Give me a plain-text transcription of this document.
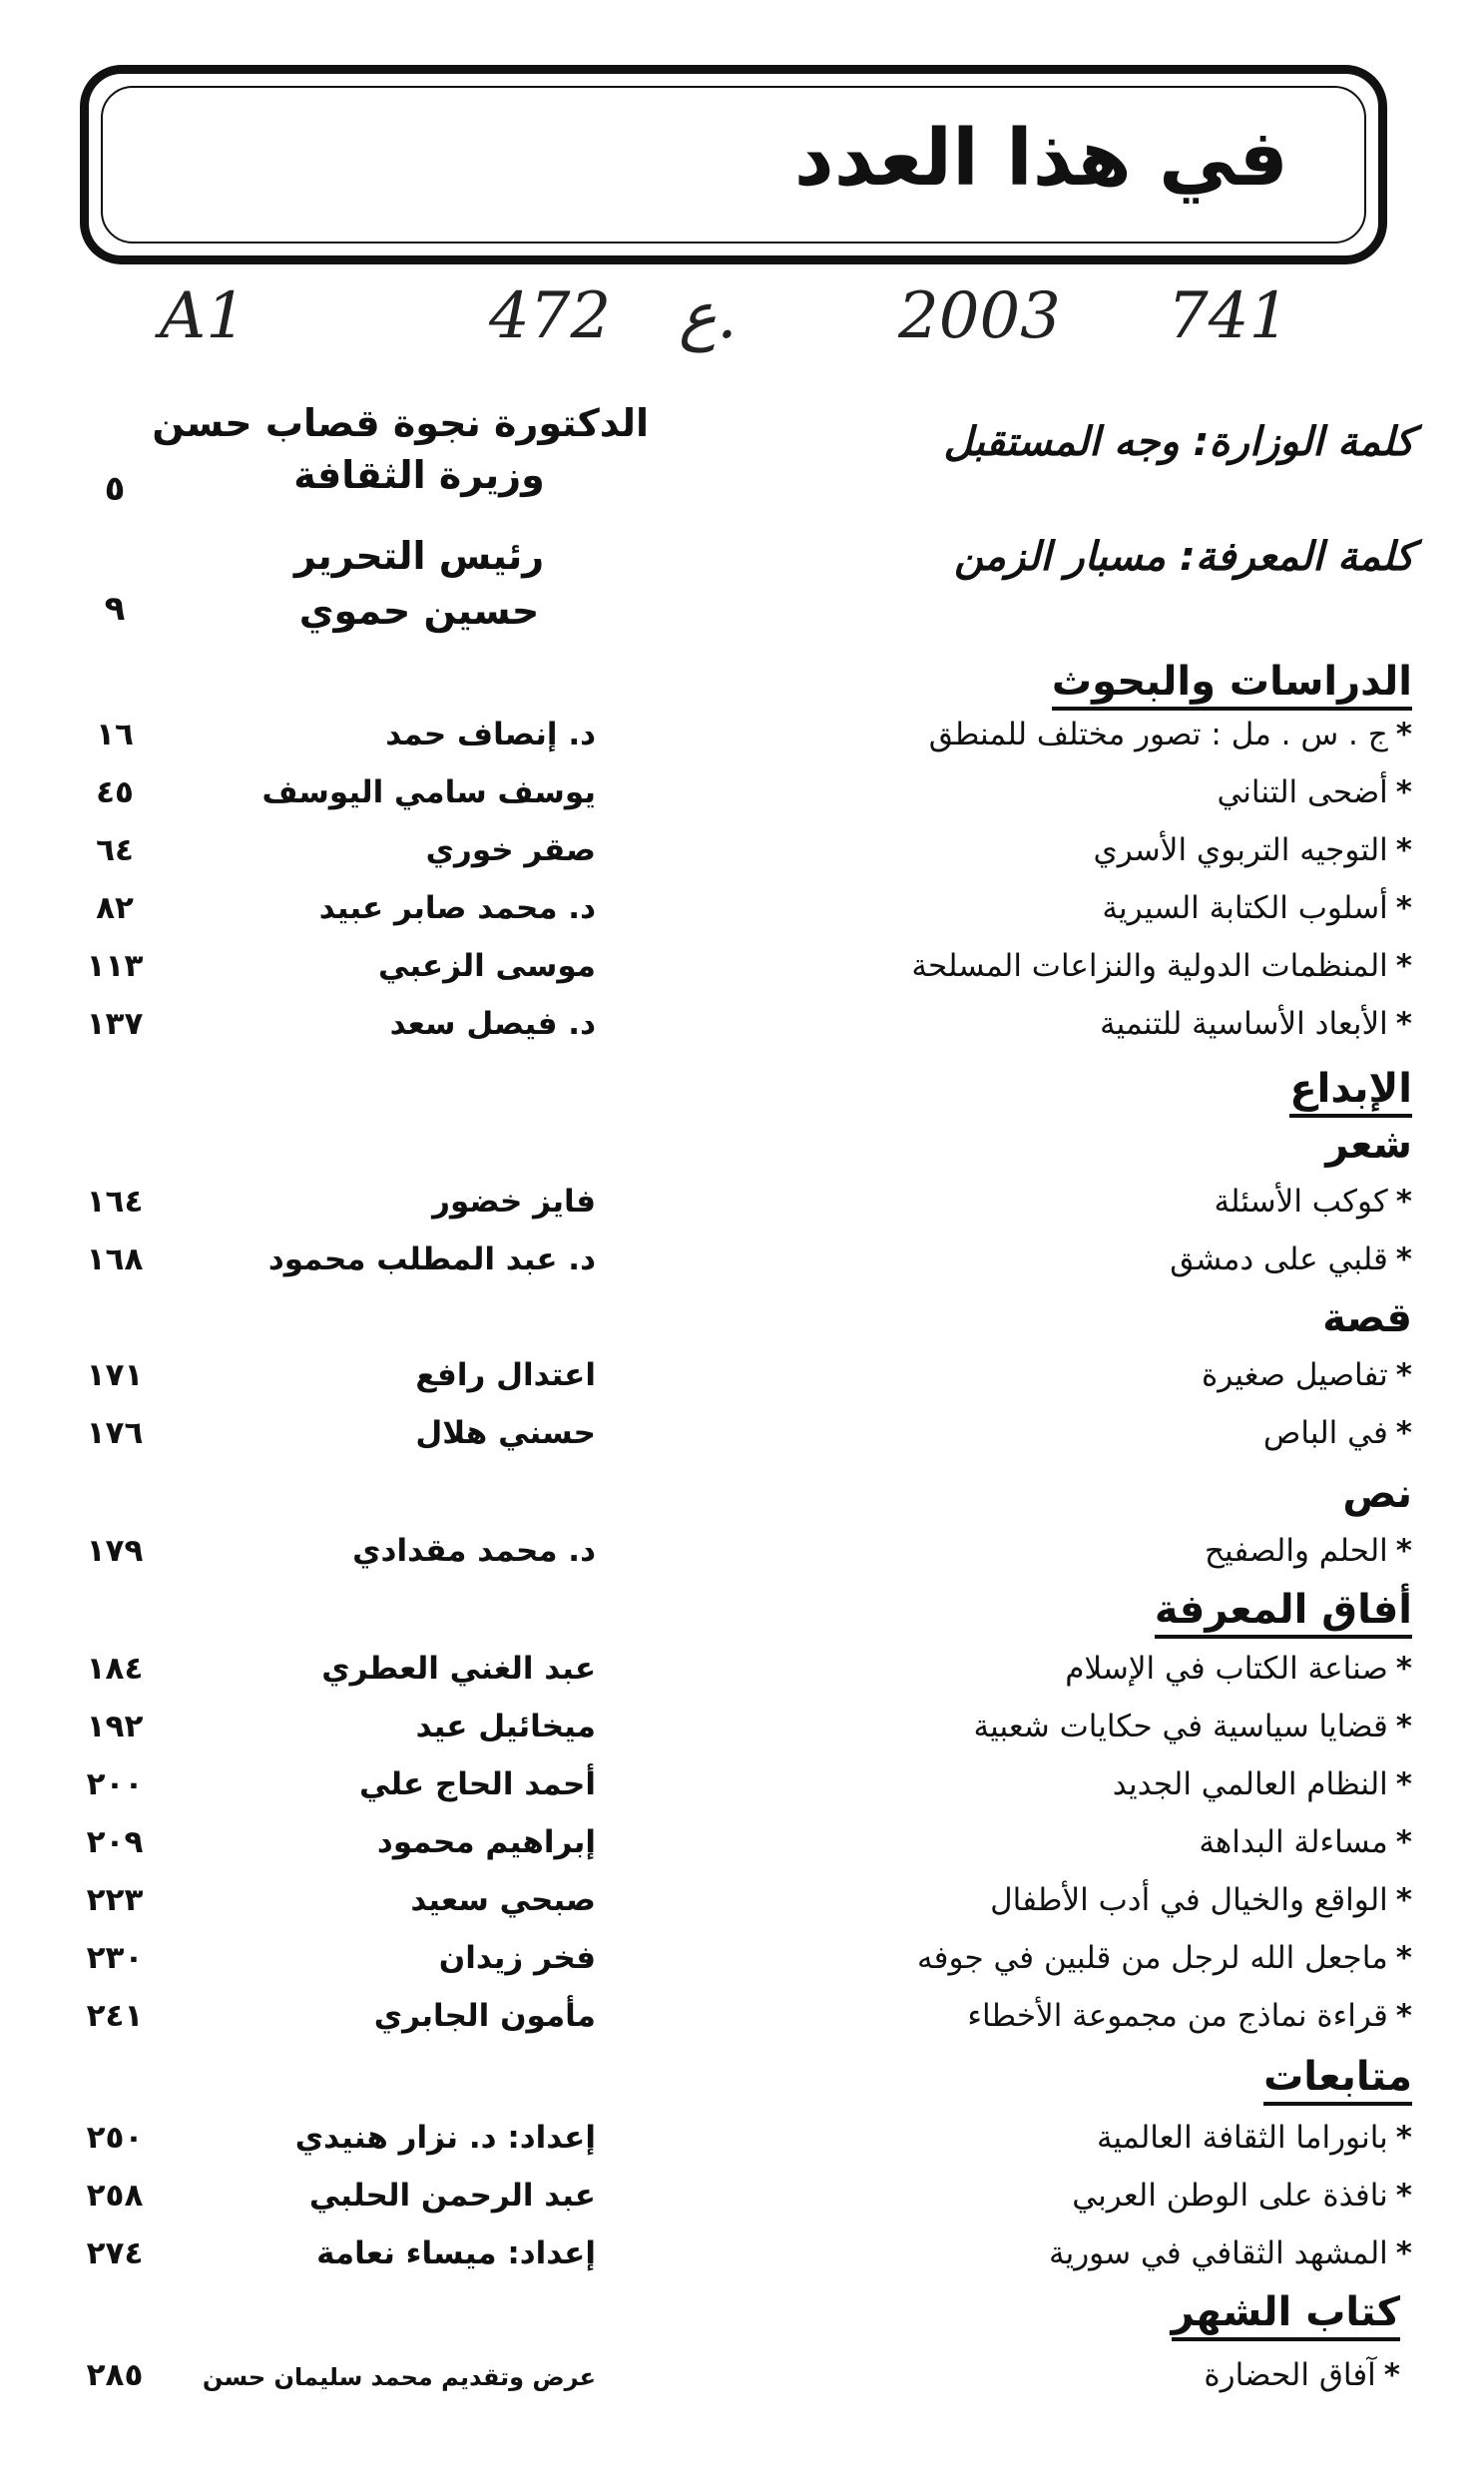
في هذا العدد
A1	472 ع.	2003 741
كلمة الوزارة: وجه المستقبل
الدكتورة نجوة قصاب حسن
وزيرة الثقافة
٥
كلمة المعرفة: مسبار الزمن
رئيس التحرير
حسين حموي
٩
الدراسات والبحوث
*ج . س . مل : تصور مختلف للمنطق
د. إنصاف حمد
١٦
*أضحى التناني
يوسف سامي اليوسف
٤٥
*التوجيه التربوي الأسري
صقر خوري
٦٤
*أسلوب الكتابة السيرية
د. محمد صابر عبيد
٨٢
*المنظمات الدولية والنزاعات المسلحة
موسى الزعبي
١١٣
*الأبعاد الأساسية للتنمية
د. فيصل سعد
١٣٧
الإبداع
شعر
*كوكب الأسئلة
فايز خضور
١٦٤
*قلبي على دمشق
د. عبد المطلب محمود
١٦٨
قصة
*تفاصيل صغيرة
اعتدال رافع
١٧١
*في الباص
حسني هلال
١٧٦
نص
*الحلم والصفيح
د. محمد مقدادي
١٧٩
أفاق المعرفة
*صناعة الكتاب في الإسلام
عبد الغني العطري
١٨٤
*قضايا سياسية في حكايات شعبية
ميخائيل عيد
١٩٢
*النظام العالمي الجديد
أحمد الحاج علي
٢٠٠
*مساءلة البداهة
إبراهيم محمود
٢٠٩
*الواقع والخيال في أدب الأطفال
صبحي سعيد
٢٢٣
*ماجعل الله لرجل من قلبين في جوفه
فخر زيدان
٢٣٠
*قراءة نماذج من مجموعة الأخطاء
مأمون الجابري
٢٤١
متابعات
*بانوراما الثقافة العالمية
إعداد: د. نزار هنيدي
٢٥٠
*نافذة على الوطن العربي
عبد الرحمن الحلبي
٢٥٨
*المشهد الثقافي في سورية
إعداد: ميساء نعامة
٢٧٤
كتاب الشهر
*آفاق الحضارة
عرض وتقديم محمد سليمان حسن
٢٨٥
